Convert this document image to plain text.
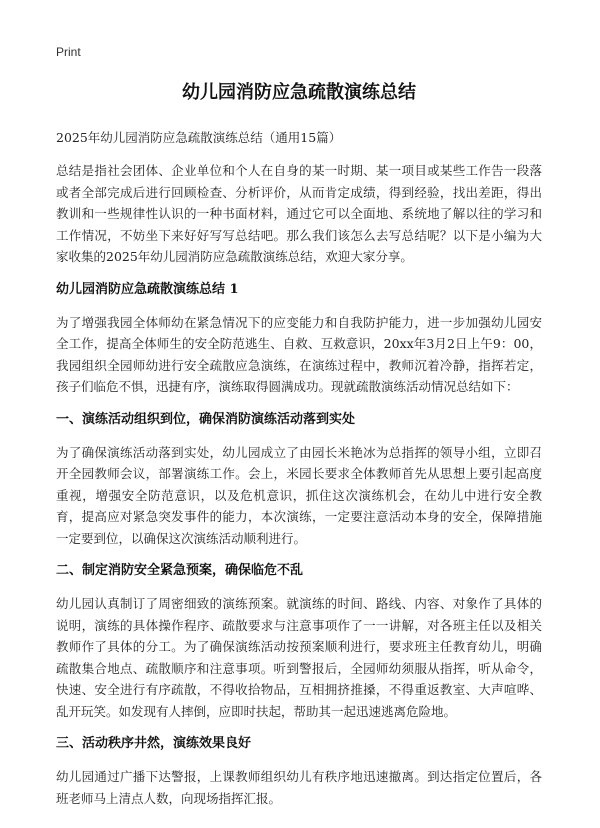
Print
幼儿园消防应急疏散演练总结
2025年幼儿园消防应急疏散演练总结（通用15篇）

总结是指社会团体、企业单位和个人在自身的某一时期、某一项目或某些工作告一段落或者全部完成后进行回顾检查、分析评价，从而肯定成绩，得到经验，找出差距，得出教训和一些规律性认识的一种书面材料，通过它可以全面地、系统地了解以往的学习和工作情况，不妨坐下来好好写写总结吧。那么我们该怎么去写总结呢？以下是小编为大家收集的2025年幼儿园消防应急疏散演练总结，欢迎大家分享。

幼儿园消防应急疏散演练总结 1

为了增强我园全体师幼在紧急情况下的应变能力和自我防护能力，进一步加强幼儿园安全工作，提高全体师生的安全防范逃生、自救、互救意识，20xx年3月2日上午9：00，我园组织全园师幼进行安全疏散应急演练，在演练过程中，教师沉着冷静，指挥若定，孩子们临危不惧，迅捷有序，演练取得圆满成功。现就疏散演练活动情况总结如下：

一、演练活动组织到位，确保消防演练活动落到实处

为了确保演练活动落到实处，幼儿园成立了由园长米艳冰为总指挥的领导小组，立即召开全园教师会议，部署演练工作。会上，米园长要求全体教师首先从思想上要引起高度重视，增强安全防范意识，以及危机意识，抓住这次演练机会，在幼儿中进行安全教育，提高应对紧急突发事件的能力，本次演练，一定要注意活动本身的安全，保障措施一定要到位，以确保这次演练活动顺利进行。

二、制定消防安全紧急预案，确保临危不乱

幼儿园认真制订了周密细致的演练预案。就演练的时间、路线、内容、对象作了具体的说明，演练的具体操作程序、疏散要求与注意事项作了一一讲解，对各班主任以及相关教师作了具体的分工。为了确保演练活动按预案顺利进行，要求班主任教育幼儿，明确疏散集合地点、疏散顺序和注意事项。听到警报后，全园师幼须服从指挥，听从命令，快速、安全进行有序疏散，不得收拾物品，互相拥挤推搡，不得重返教室、大声喧哗、乱开玩笑。如发现有人摔倒，应即时扶起，帮助其一起迅速逃离危险地。

三、活动秩序井然，演练效果良好

幼儿园通过广播下达警报，上课教师组织幼儿有秩序地迅速撤离。到达指定位置后，各班老师马上清点人数，向现场指挥汇报。
